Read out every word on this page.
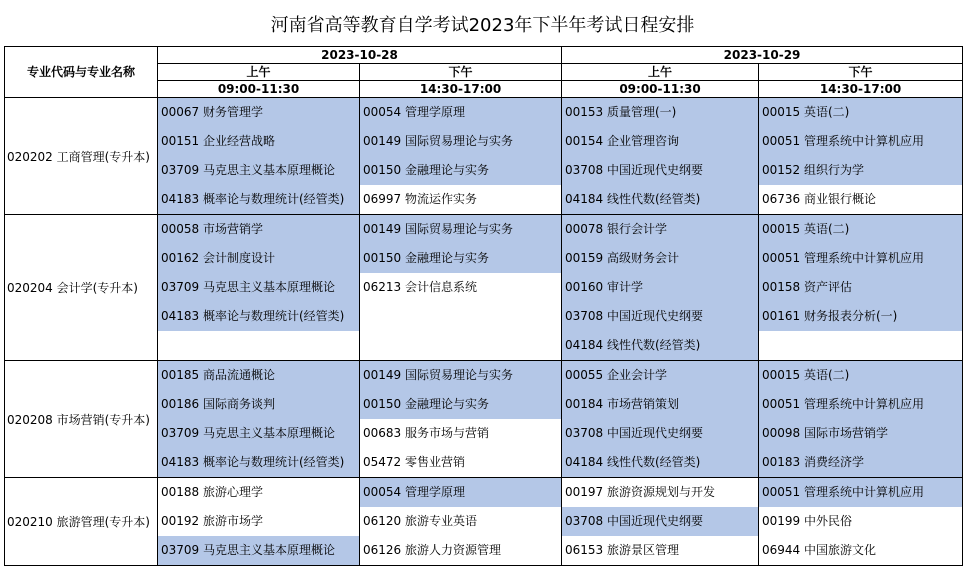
河南省高等教育自学考试2023年下半年考试日程安排
专业代码与专业名称	2023-10-28		2023-10-29	
	上午	下午	上午	下午
	09:00-11:30	14:30-17:00	09:00-11:30	14:30-17:00
020202 工商管理(专升本)	00067 财务管理学	00054 管理学原理	00153 质量管理(一)	00015 英语(二)
	00151 企业经营战略	00149 国际贸易理论与实务	00154 企业管理咨询	00051 管理系统中计算机应用
	03709 马克思主义基本原理概论	00150 金融理论与实务	03708 中国近现代史纲要	00152 组织行为学
	04183 概率论与数理统计(经管类)	06997 物流运作实务	04184 线性代数(经管类)	06736 商业银行概论
020204 会计学(专升本)	00058 市场营销学	00149 国际贸易理论与实务	00078 银行会计学	00015 英语(二)
	00162 会计制度设计	00150 金融理论与实务	00159 高级财务会计	00051 管理系统中计算机应用
	03709 马克思主义基本原理概论	06213 会计信息系统	00160 审计学	00158 资产评估
	04183 概率论与数理统计(经管类)		03708 中国近现代史纲要	00161 财务报表分析(一)
			04184 线性代数(经管类)	
020208 市场营销(专升本)	00185 商品流通概论	00149 国际贸易理论与实务	00055 企业会计学	00015 英语(二)
	00186 国际商务谈判	00150 金融理论与实务	00184 市场营销策划	00051 管理系统中计算机应用
	03709 马克思主义基本原理概论	00683 服务市场与营销	03708 中国近现代史纲要	00098 国际市场营销学
	04183 概率论与数理统计(经管类)	05472 零售业营销	04184 线性代数(经管类)	00183 消费经济学
020210 旅游管理(专升本)	00188 旅游心理学	00054 管理学原理	00197 旅游资源规划与开发	00051 管理系统中计算机应用
	00192 旅游市场学	06120 旅游专业英语	03708 中国近现代史纲要	00199 中外民俗
	03709 马克思主义基本原理概论	06126 旅游人力资源管理	06153 旅游景区管理	06944 中国旅游文化
